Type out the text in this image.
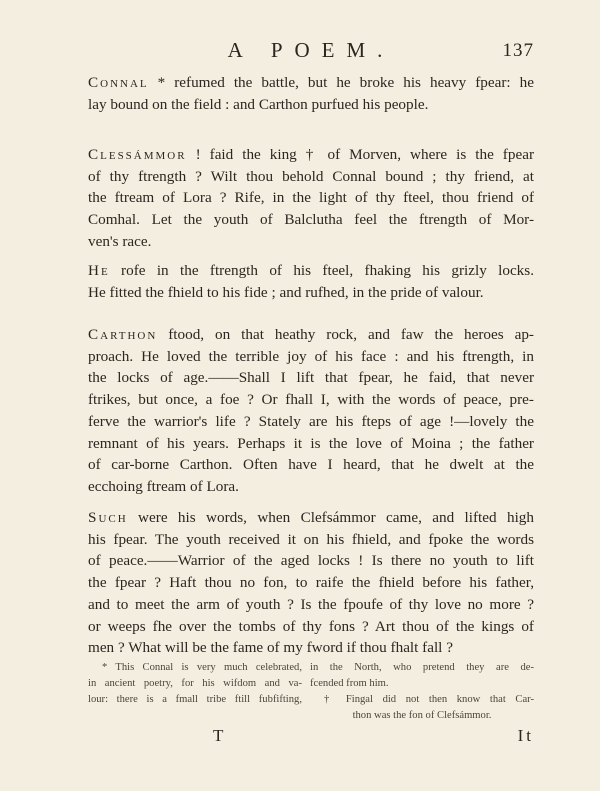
A POEM.	137
Connal * refumed the battle, but he broke his heavy fpear: he
lay bound on the field : and Carthon purfued his people.
Clessámmor ! faid the king † of Morven, where is the fpear
of thy ftrength ? Wilt thou behold Connal bound ; thy friend, at
the ftream of Lora ? Rife, in the light of thy fteel, thou friend of
Comhal. Let the youth of Balclutha feel the ftrength of Mor-
ven's race.
He rofe in the ftrength of his fteel, fhaking his grizly locks.
He fitted the fhield to his fide ; and rufhed, in the pride of valour.
Carthon ftood, on that heathy rock, and faw the heroes ap-
proach. He loved the terrible joy of his face : and his ftrength, in
the locks of age.——Shall I lift that fpear, he faid, that never
ftrikes, but once, a foe ? Or fhall I, with the words of peace, pre-
ferve the warrior's life ? Stately are his fteps of age !—lovely the
remnant of his years. Perhaps it is the love of Moina ; the father
of car-borne Carthon. Often have I heard, that he dwelt at the
ecchoing ftream of Lora.
Such were his words, when Clefsámmor came, and lifted high
his fpear. The youth received it on his fhield, and fpoke the words
of peace.——Warrior of the aged locks ! Is there no youth to lift
the fpear ? Haft thou no fon, to raife the fhield before his father,
and to meet the arm of youth ? Is the fpoufe of thy love no more ?
or weeps fhe over the tombs of thy fons ? Art thou of the kings of
men ? What will be the fame of my fword if thou fhalt fall ?
* This Connal is very much celebrated,
in ancient poetry, for his wifdom and va-
lour: there is a fmall tribe ftill fubfifting,
in the North, who pretend they are de-
fcended from him.
† Fingal did not then know that Car-
thon was the fon of Clefsámmor.
T	It
